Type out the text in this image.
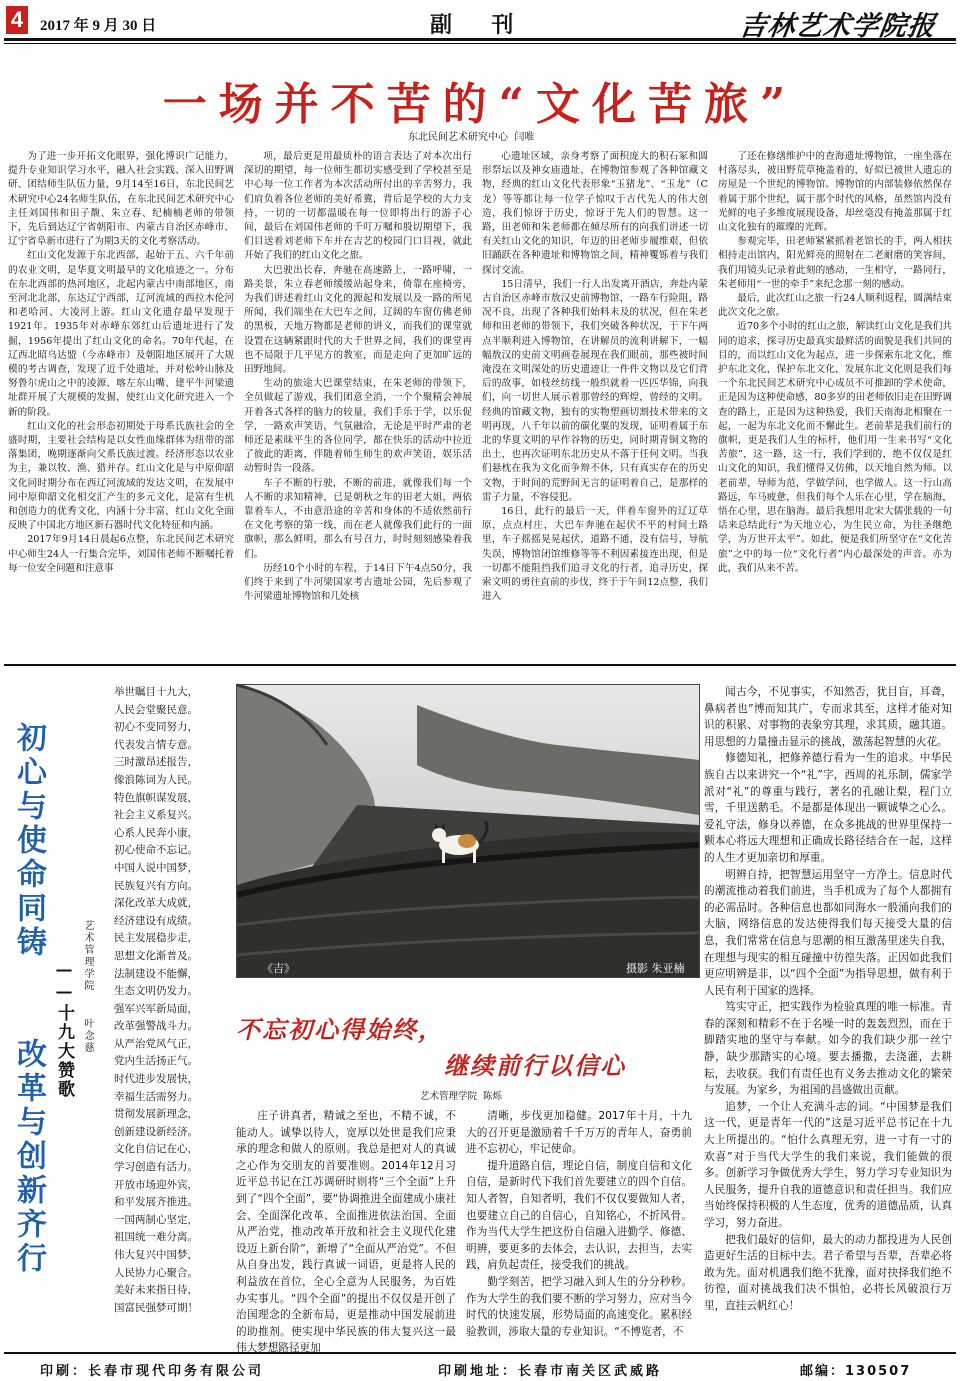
4	2017 年 9 月 30 日	副  刊	吉林艺术学院报
一场并不苦的“文化苦旅”
东北民间艺术研究中心  闫唯

为了进一步开拓文化眼界，强化博识广记能力，提升专业知识学习水平，融入社会实践、深入田野调研、团结师生队伍力量，9月14至16日，东北民间艺术研究中心24名师生队伍，在东北民间艺术研究中心主任刘国伟和田子馥、朱立春、纪楠楠老师的带领下，先后到达辽宁省朝阳市、内蒙古自治区赤峰市、辽宁省阜新市进行了为期3天的文化考察活动。

红山文化发源于东北西部，起始于五、六千年前的农业文明，是华夏文明最早的文化痕迹之一。分布在东北西部的热河地区，北起内蒙古中南部地区，南至河北北部，东达辽宁西部，辽河流域的西拉木伦河和老哈河、大凌河上游。红山文化遗存最早发现于1921年。1935年对赤峰东郊红山后遗址进行了发掘，1956年提出了红山文化的命名。70年代起，在辽西北昭乌达盟（今赤峰市）及朝阳地区展开了大规模的考古调查，发现了近千处遗址，并对松岭山脉及努鲁尔虎山之中的凌源、喀左东山嘴、建平牛河梁遗址群开展了大规模的发掘，使红山文化研究进入一个新的阶段。

红山文化的社会形态初期处于母系氏族社会的全盛时期，主要社会结构是以女性血缘群体为纽带的部落集团，晚期逐渐向父系氏族过渡。经济形态以农业为主，兼以牧、渔、猎并存。红山文化是与中原仰韶文化同时期分布在西辽河流域的发达文明，在发展中同中原仰韶文化相交汇产生的多元文化，是富有生机和创造力的优秀文化，内涵十分丰富，红山文化全面反映了中国北方地区新石器时代文化特征和内涵。

2017年9月14日晨起6点整，东北民间艺术研究中心师生24人一行集合完毕，刘国伟老师不断嘱托着每一位安全问题和注意事

项，最后更是用最质朴的语言表达了对本次出行深切的期望，每一位师生都切实感受到了学校甚至是中心每一位工作者为本次活动所付出的辛苦努力，我们肩负着各位老师的美好希冀，背后是学校的大力支持，一切的一切都温暖在每一位即将出行的游子心间，最后在刘国伟老师的千叮万嘱和殷切期望下，我们目送着刘老师下车并在吉艺的校园门口目视，就此开始了我们的红山文化之旅。

大巴驶出长春，奔驰在高速路上，一路呼啸，一路美景，朱立春老师缓缓站起身来，倚靠在座椅旁，为我们讲述着红山文化的源起和发展以及一路的所见所闻，我们端坐在大巴车之间，辽阔的车窗仿佛老师的黑板，天地万物都是老师的讲义，而我们的课堂就设置在这辆紧跟时代的大千世界之间，我们的课堂再也不局限于几平见方的教室，而是走向了更加旷远的田野地间。

生动的旅途大巴课堂结束，在朱老师的带领下，全员做起了游戏，我们团意全消，一个个聚精会神展开着各式各样的脑力的较量，我们手乐于学，以乐促学，一路欢声笑语，气氛融洽，无论是平时严肃的老师还是素昧平生的各位同学，都在快乐的活动中拉近了彼此的距离，伴随着师生师生的欢声笑语，娱乐活动暂时告一段落。

车子不断的行驶，不断的前进，就像我们每一个人不断的求知精神，已是朝秋之年的田老大姐，两依靠着车人，不由意沿途的辛苦和身体的不适依然前行在文化考察的第一线，而在老人就像我们此行的一面旗帜，那么鲜明，那么有号召力，时时刻刻感染着我们。

历经10个小时的车程，于14日下午4点50分，我们终于来到了牛河梁国家考古遗址公园，先后参观了牛河梁遗址博物馆和几处核

心遗址区域，亲身考察了面积庞大的积石冢和圆形祭坛以及神女庙遗址，在博物馆参观了各种馆藏文物，经典的红山文化代表形象“玉猪龙”、“玉龙”（C龙）等等都让每一位学子惊叹于古代先人的伟大创造，我们惊讶于历史，惊讶于先人们的智慧。这一路，田老师和朱老师都在倾尽所有的向我们讲述一切有关红山文化的知识，年迈的田老师步履维艰，但依旧踊跃在各种遗址和博物馆之间，精神矍铄着与我们探讨交流。

15日清早，我们一行人出发离开酒店，奔赴内蒙古自治区赤峰市敖汉史前博物馆，一路车行险阻，路况不良，出现了各种我们始料未及的状况，但在朱老师和田老师的带领下，我们突破各种状况，于下午两点半顺利进入博物馆，在讲解员的流利讲解下，一幅幅敖汉的史前文明画卷展现在我们眼前，那些被时间淹没在文明深处的历史遗迹让一件件文物以及它们背后的故事，如枝丝纺线一般织就着一匹匹华锦，向我们，向一切世人展示着那曾经的辉煌，曾经的文明。经典的馆藏文物，独有的实物塑画切割技术带来的文明再现，八千年以前的碳化粟的发现，证明着属于东北的华夏文明的早作谷物的历史，同时期青铜文物的出土，也再次证明东北历史从不落于任何文明。当我们悬枕在我为文化而争辩不休，只有真实存在的历史文物，于时间的荒野间无言的证明着自己，是那样的雷子力量，不容侵犯。

16日，此行的最后一天，伴着车窗外的辽辽草原，点点村庄，大巴车奔驰在起伏不平的村间土路里，车子摇摇晃晃起伏，道路不通，没有信号，导航失误，博物馆闭馆维修等等不利因素接连出现，但是一切都不能阻挡我们追寻文化的行者，追寻历史，探索文明的勇往直前的步伐，终于于午间12点整，我们进入

了还在修缮维护中的查海遗址博物馆，一座坐落在村落尽头，被田野荒草掩盖着的，好似已被世人遗忘的房屋是一个世纪的博物馆。博物馆的内部装修依然保存着属于那个世纪，属于那个时代的风格，虽然馆内没有光鲜的电子多维度展现设备，却丝毫没有掩盖那属于红山文化独有的璀璨的光辉。

参观完毕，田老师紧紧抓着老馆长的手，两人相扶相持走出馆内，阳光鲜亮的照射在二老耐磨的笑容间，我们用镜头记录着此刻的感动，一生相守，一路同行，朱老师用“一世的牵手”来纪念那一刻的感动。

最后，此次红山之旅一行24人顺利返程，圆满结束此次文化之旅。

近70多个小时的红山之旅，解读红山文化是我们共同的追求，探寻历史最真实最鲜活的面貌是我们共同的目的，而以红山文化为起点，进一步探索东北文化，维护东北文化，保护东北文化，发展东北文化则是我们每一个东北民间艺术研究中心成员不可推卸的学术使命，正是因为这种使命感，80多岁的田老师依旧走在田野调查的路上，正是因为这种热爱，我们天南海北相聚在一起，一起为东北文化而不懈此生。老前辈是我们前行的旗帜，更是我们人生的标杆，他们用一生来书写“文化苦旅”，这一路，这一行，我们学到的，绝不仅仅是红山文化的知识，我们懂得又仿佛，以天地自然为师。以老前辈，导师为范，学做学问，也学做人。这一行山高路远，车马疲惫，但我们每个人乐在心里，学在脑海，悟在心里，思在脑海。最后我想用北宋大儒张载的一句话来总结此行“为天地立心，为生民立命，为往圣继绝学，为万世开太平”。如此，便是我们所坚守在“文化苦旅”之中的每一位“文化行者”内心最深处的声音。亦为此，我们从来不苦。

初心与使命同铸  改革与创新齐行 ——十九大赞歌 艺术管理学院  叶念慈
举世瞩目十九大，
人民会堂聚民意。
初心不变同努力，
代表发言情专意。
三时激昂述报告，
像浪陈词为人民。
特色旗帜谋发展，
社会主义系复兴。
心系人民奔小康，
初心使命不忘记。
中国人说中国梦，
民族复兴有方向。
深化改革大成就，
经济建设有成绩。
民主发展稳步走，
思想文化渐普及。
法制建设不能懈，
生态文明仍发力。
强军兴军新局面，
改革强警战斗力。
从严治党风气正，
党内生活扬正气。
时代进步发展快，
幸福生活需努力。
贯彻发展新理念，
创新建设新经济。
文化自信记在心，
学习创造有活力。
开放市场迎外宾，
和平发展齐推进。
一国两制心坚定，
祖国统一难分离。
伟大复兴中国梦，
人民协力心聚合。
美好未来指日待，
国富民强梦可期！
《吉》	摄影 朱亚楠
不忘初心得始终，
继续前行以信心
艺术管理学院  陈烁

庄子讲真者，精诚之至也，不精不诚，不能动人。诚挚以待人，宽厚以处世是我们应秉承的理念和做人的原则。我总是把对人的真诚之心作为交朋友的首要准则。2014年12月习近平总书记在江苏调研时则将“三个全面”上升到了“四个全面”，要“协调推进全面建成小康社会、全面深化改革、全面推进依法治国、全面从严治党，推动改革开放和社会主义现代化建设迈上新台阶”，新增了“全面从严治党”。不但从自身出发，践行真诚一词语，更是将人民的利益放在首位，全心全意为人民服务，为百姓办实事儿。“四个全面”的提出不仅仅是开创了治国理念的全新布局，更是推动中国发展前进的助推剂。使实现中华民族的伟大复兴这一最伟大梦想路径更加

清晰，步伐更加稳健。2017年十月，十九大的召开更是激励着千千万万的青年人，奋勇前进不忘初心，牢记使命。

提升道路自信，理论自信，制度自信和文化自信，是新时代下我们首先要建立的四个自信。知人者智，自知者明，我们不仅仅要做知人者，也要建立自己的自信心，自知铭心，不折风骨。作为当代大学生把这份自信融入进勤学、修德、明辨，要更多的去体会，去认识，去担当，去实践，肩负起责任，接受我们的挑战。

勤学刻苦，把学习融入到人生的分分秒秒。作为大学生的我们要不断的学习努力，应对当今时代的快速发展，形势局面的高速变化。累积经验教训，涉取大量的专业知识。“不博览者，不

闻古今，不见事实，不知然否，犹目盲，耳聋，鼻病者也”博而知其广，专而求其至，这样才能对知识的积累、对事物的表象穷其理，求其质，融其道。用思想的力量撞击显示的挑战，激荡起智慧的火花。

修德知礼，把修养德行看为一生的追求。中华民族自古以来讲究一个“礼”字，西周的礼乐制，儒家学派对“礼”的尊重与践行，著名的孔融让梨，程门立雪，千里送鹅毛。不是都是体现出一颗诚挚之心么。爱礼守法，修身以养德，在众多挑战的世界里保持一颗本心将远大理想和正确成长路径结合在一起，这样的人生才更加亲切和厚重。

明辨自持，把智慧运用坚守一方净土。信息时代的潮流推动着我们前进，当手机成为了每个人都拥有的必需品时。各种信息也都如同海水一般涌向我们的大脑，网络信息的发达使得我们每天接受大量的信息，我们常常在信息与思潮的相互激荡里迷失自我，在理想与现实的相互碰撞中彷徨失落。正因如此我们更应明辨是非，以“四个全面”为指导思想，做有利于人民有利于国家的选择。

笃实守正，把实践作为检验真理的唯一标准。青春的深刻和精彩不在于名噪一时的轰轰烈烈，而在于脚踏实地的坚守与奉献。如今的我们缺少那一丝宁静，缺少那踏实的心境。要去播撒，去浇灌，去耕耘，去收获。我们有责任也有义务去推动文化的繁荣与发展。为家乡，为祖国的昌盛做出贡献。

追梦，一个让人充满斗志的词。“中国梦是我们这一代，更是青年一代的”这是习近平总书记在十九大上所提出的。“怕什么真理无穷，进一寸有一寸的欢喜”对于当代大学生的我们来说，我们能做的很多。创新学习争做优秀大学生，努力学习专业知识为人民服务，提升自我的道德意识和责任担当。我们应当始终保持积极的人生态度，优秀的道德品质，认真学习，努力奋进。

把我们最好的信仰，最大的动力都投进为人民创造更好生活的目标中去。君子希望与吾辈，吾辈必将敢为先。面对机遇我们绝不犹豫，面对抉择我们绝不彷徨，面对挑战我们决不惧怕，必将长风破浪行万里，直挂云帆红心！

印刷：长春市现代印务有限公司	印刷地址：长春市南关区武威路	邮编：130507
